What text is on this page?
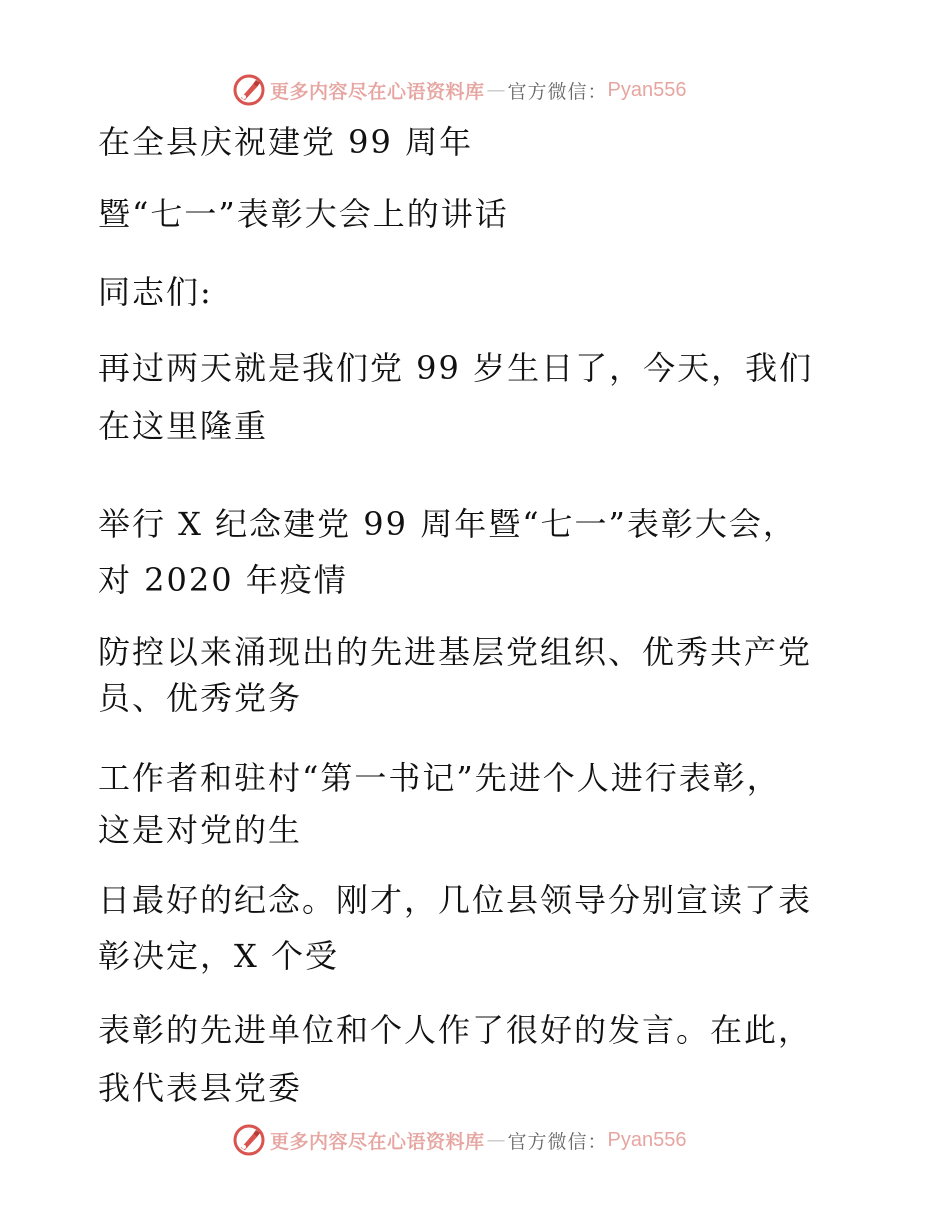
更多内容尽在心语资料库 — 官方微信： Pyan556
在全县庆祝建党 99 周年
暨“七一”表彰大会上的讲话
同志们:
再过两天就是我们党 99 岁生日了，今天，我们
在这里隆重
举行 X 纪念建党 99 周年暨“七一”表彰大会，
对 2020 年疫情
防控以来涌现出的先进基层党组织、优秀共产党
员、优秀党务
工作者和驻村“第一书记”先进个人进行表彰，
这是对党的生
日最好的纪念。刚才，几位县领导分别宣读了表
彰决定，X 个受
表彰的先进单位和个人作了很好的发言。在此，
我代表县党委
更多内容尽在心语资料库 — 官方微信： Pyan556
